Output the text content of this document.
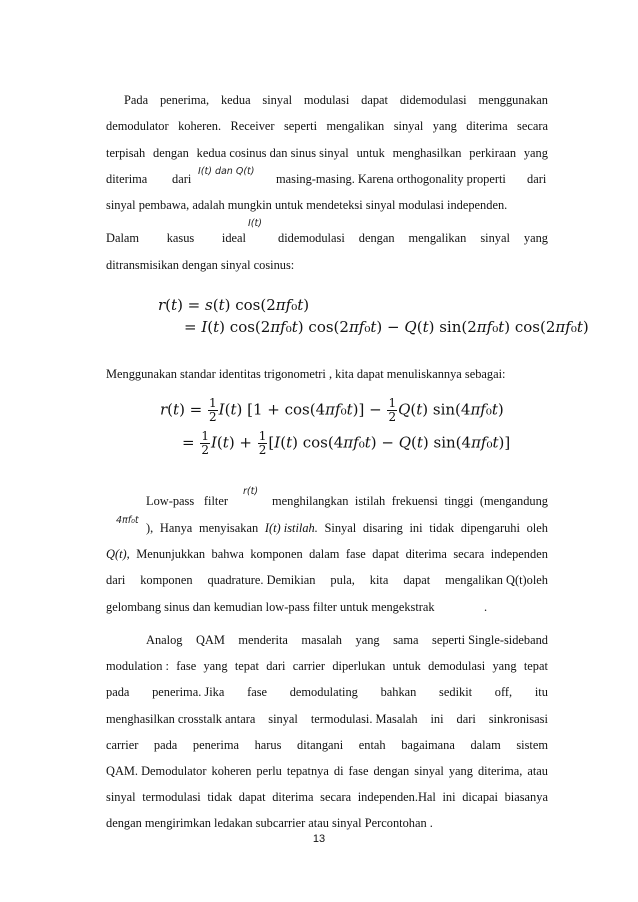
Pada penerima, kedua sinyal modulasi dapat didemodulasi menggunakan
demodulator koheren. Receiver seperti mengalikan sinyal yang diterima secara
terpisah dengan kedua cosinus dan sinus sinyal untuk menghasilkan perkiraan yang
diterima dari
I(t) dan Q(t)
masing-masing. Karena orthogonality properti dari
sinyal pembawa, adalah mungkin untuk mendeteksi sinyal modulasi independen.
Dalam kasus ideal
I(t)
didemodulasi dengan mengalikan sinyal yang
ditransmisikan dengan sinyal cosinus:
r(t) = s(t) cos(2πf₀t)
= I(t) cos(2πf₀t) cos(2πf₀t) − Q(t) sin(2πf₀t) cos(2πf₀t)
Menggunakan standar identitas trigonometri , kita dapat menuliskannya sebagai:
$r(t) = \frac{1}{2} I(t) [1 + \cos(4\pi f_0t)] - \frac{1}{2} Q(t)$ sin(4πf₀t)
= $\frac{1}{2} I(t) + \frac{1}{2} [I(t) \cos(4\pi f_0t) - Q(t)$ sin(4πf₀t)]
Low-pass filter
r(t)
menghilangkan istilah frekuensi tinggi (mengandung
4πf₀t
), Hanya menyisakan I(t) istilah. Sinyal disaring ini tidak dipengaruhi oleh
Q(t), Menunjukkan bahwa komponen dalam fase dapat diterima secara independen
dari komponen quadrature. Demikian pula, kita dapat mengalikan Q(t)oleh
gelombang sinus dan kemudian low-pass filter untuk mengekstrak	.
Analog QAM menderita masalah yang sama seperti Single-sideband
modulation : fase yang tepat dari carrier diperlukan untuk demodulasi yang tepat
pada penerima. Jika fase demodulating bahkan sedikit off, itu
menghasilkan crosstalk antara sinyal termodulasi. Masalah ini dari sinkronisasi
carrier pada penerima harus ditangani entah bagaimana dalam sistem
QAM. Demodulator koheren perlu tepatnya di fase dengan sinyal yang diterima, atau
sinyal termodulasi tidak dapat diterima secara independen.Hal ini dicapai biasanya
dengan mengirimkan ledakan subcarrier atau sinyal Percontohan .
13
